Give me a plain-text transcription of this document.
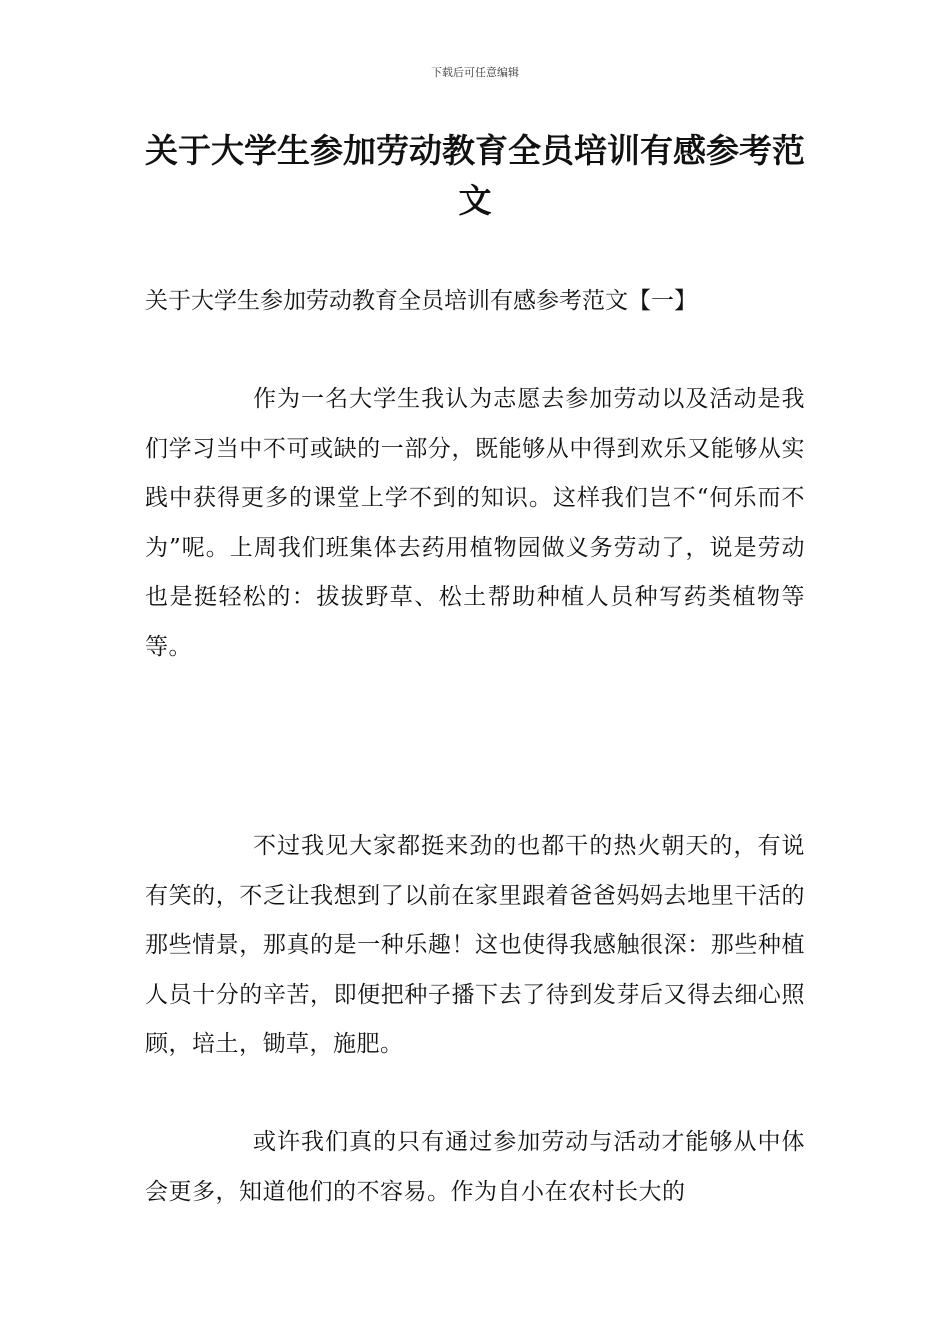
下载后可任意编辑
关于大学生参加劳动教育全员培训有感参考范文
关于大学生参加劳动教育全员培训有感参考范文【一】

作为一名大学生我认为志愿去参加劳动以及活动是我们学习当中不可或缺的一部分，既能够从中得到欢乐又能够从实践中获得更多的课堂上学不到的知识。这样我们岂不“何乐而不为”呢。上周我们班集体去药用植物园做义务劳动了，说是劳动也是挺轻松的：拔拔野草、松土帮助种植人员种写药类植物等等。

不过我见大家都挺来劲的也都干的热火朝天的，有说有笑的，不乏让我想到了以前在家里跟着爸爸妈妈去地里干活的那些情景，那真的是一种乐趣！这也使得我感触很深：那些种植人员十分的辛苦，即便把种子播下去了待到发芽后又得去细心照顾，培土，锄草，施肥。

或许我们真的只有通过参加劳动与活动才能够从中体会更多，知道他们的不容易。作为自小在农村长大的
